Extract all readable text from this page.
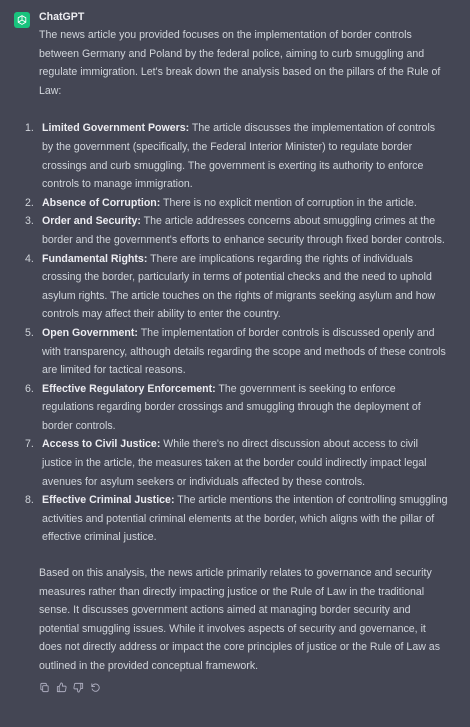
ChatGPT

The news article you provided focuses on the implementation of border controls between Germany and Poland by the federal police, aiming to curb smuggling and regulate immigration. Let's break down the analysis based on the pillars of the Rule of Law:

1. Limited Government Powers: The article discusses the implementation of controls by the government (specifically, the Federal Interior Minister) to regulate border crossings and curb smuggling. The government is exerting its authority to enforce controls to manage immigration.
2. Absence of Corruption: There is no explicit mention of corruption in the article.
3. Order and Security: The article addresses concerns about smuggling crimes at the border and the government's efforts to enhance security through fixed border controls.
4. Fundamental Rights: There are implications regarding the rights of individuals crossing the border, particularly in terms of potential checks and the need to uphold asylum rights. The article touches on the rights of migrants seeking asylum and how controls may affect their ability to enter the country.
5. Open Government: The implementation of border controls is discussed openly and with transparency, although details regarding the scope and methods of these controls are limited for tactical reasons.
6. Effective Regulatory Enforcement: The government is seeking to enforce regulations regarding border crossings and smuggling through the deployment of border controls.
7. Access to Civil Justice: While there's no direct discussion about access to civil justice in the article, the measures taken at the border could indirectly impact legal avenues for asylum seekers or individuals affected by these controls.
8. Effective Criminal Justice: The article mentions the intention of controlling smuggling activities and potential criminal elements at the border, which aligns with the pillar of effective criminal justice.

Based on this analysis, the news article primarily relates to governance and security measures rather than directly impacting justice or the Rule of Law in the traditional sense. It discusses government actions aimed at managing border security and potential smuggling issues. While it involves aspects of security and governance, it does not directly address or impact the core principles of justice or the Rule of Law as outlined in the provided conceptual framework.
